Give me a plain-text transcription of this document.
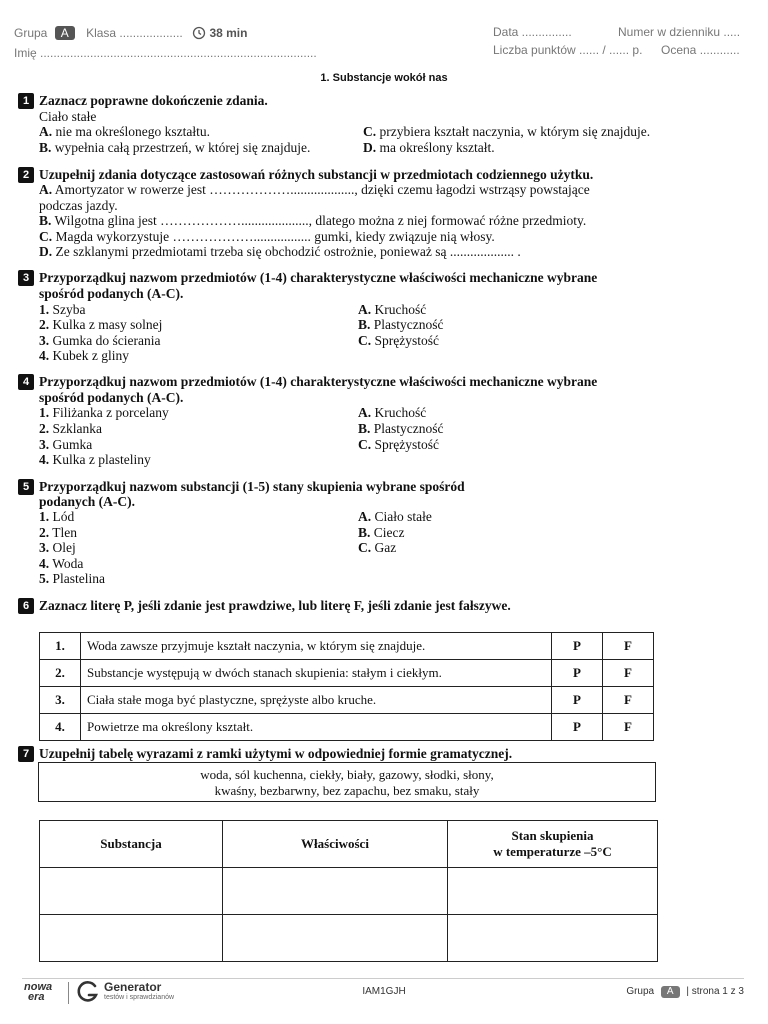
Grupa A Klasa ................... 38 min
Imię ...................................................................................
Data ...............	Numer w dzienniku .....
Liczba punktów ...... / ...... p. Ocena ............
1. Substancje wokół nas
1 Zaznacz poprawne dokończenie zdania.
Ciało stałe
A. nie ma określonego kształtu.
B. wypełnia całą przestrzeń, w której się znajduje.
C. przybiera kształt naczynia, w którym się znajduje.
D. ma określony kształt.
2 Uzupełnij zdania dotyczące zastosowań różnych substancji w przedmiotach codziennego użytku.
A. Amortyzator w rowerze jest ………………..................., dzięki czemu łagodzi wstrząsy powstające
podczas jazdy.
B. Wilgotna glina jest ………………...................., dlatego można z niej formować różne przedmioty.
C. Magda wykorzystuje ………………................. gumki, kiedy związuje nią włosy.
D. Ze szklanymi przedmiotami trzeba się obchodzić ostrożnie, ponieważ są ................... .
3 Przyporządkuj nazwom przedmiotów (1-4) charakterystyczne właściwości mechaniczne wybrane
spośród podanych (A-C).
1. Szyba
2. Kulka z masy solnej
3. Gumka do ścierania
4. Kubek z gliny
A. Kruchość
B. Plastyczność
C. Sprężystość
4 Przyporządkuj nazwom przedmiotów (1-4) charakterystyczne właściwości mechaniczne wybrane
spośród podanych (A-C).
1. Filiżanka z porcelany
2. Szklanka
3. Gumka
4. Kulka z plasteliny
A. Kruchość
B. Plastyczność
C. Sprężystość
5 Przyporządkuj nazwom substancji (1-5) stany skupienia wybrane spośród
podanych (A-C).
1. Lód
2. Tlen
3. Olej
4. Woda
5. Plastelina
A. Ciało stałe
B. Ciecz
C. Gaz
6 Zaznacz literę P, jeśli zdanie jest prawdziwe, lub literę F, jeśli zdanie jest fałszywe.
1.	Woda zawsze przyjmuje kształt naczynia, w którym się znajduje.	P	F
2.	Substancje występują w dwóch stanach skupienia: stałym i ciekłym.	P	F
3.	Ciała stałe moga być plastyczne, sprężyste albo kruche.	P	F
4.	Powietrze ma określony kształt.	P	F
7 Uzupełnij tabelę wyrazami z ramki użytymi w odpowiedniej formie gramatycznej.
woda, sól kuchenna, ciekły, biały, gazowy, słodki, słony,
kwaśny, bezbarwny, bez zapachu, bez smaku, stały
Substancja	Właściwości	Stan skupienia
w temperaturze –5°C

nowa
era
Generator
testów i sprawdzianów
IAM1GJH	Grupa A | strona 1 z 3
